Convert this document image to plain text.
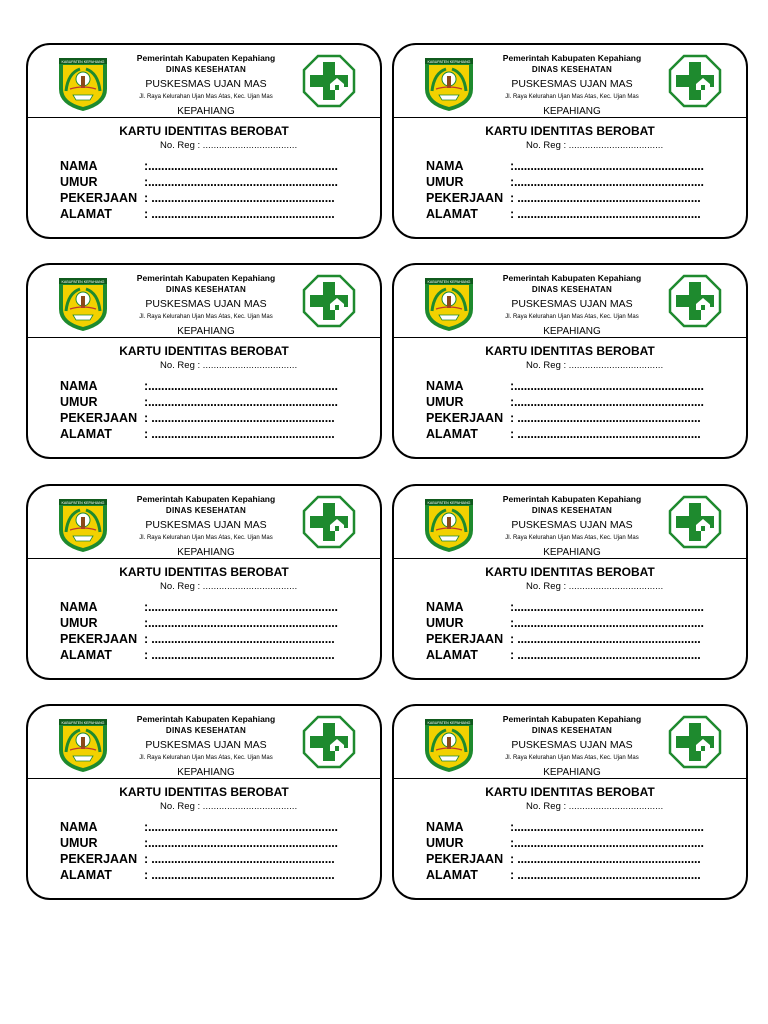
KABUPATEN KEPAHIANG	Pemerintah Kabupaten Kepahiang
DINAS KESEHATAN
PUSKESMAS UJAN MAS
Jl. Raya Kelurahan Ujan Mas Atas, Kec. Ujan Mas
KEPAHIANG
KARTU IDENTITAS BEROBAT
No. Reg : ...................................
NAMA	:..........................................................
UMUR	:..........................................................
PEKERJAAN : ........................................................
ALAMAT	: ........................................................
KABUPATEN KEPAHIANG	Pemerintah Kabupaten Kepahiang
DINAS KESEHATAN
PUSKESMAS UJAN MAS
Jl. Raya Kelurahan Ujan Mas Atas, Kec. Ujan Mas
KEPAHIANG
KARTU IDENTITAS BEROBAT
No. Reg : ...................................
NAMA	:..........................................................
UMUR	:..........................................................
PEKERJAAN : ........................................................
ALAMAT	: ........................................................
KABUPATEN KEPAHIANG	Pemerintah Kabupaten Kepahiang
DINAS KESEHATAN
PUSKESMAS UJAN MAS
Jl. Raya Kelurahan Ujan Mas Atas, Kec. Ujan Mas
KEPAHIANG
KARTU IDENTITAS BEROBAT
No. Reg : ...................................
NAMA	:..........................................................
UMUR	:..........................................................
PEKERJAAN : ........................................................
ALAMAT	: ........................................................
KABUPATEN KEPAHIANG	Pemerintah Kabupaten Kepahiang
DINAS KESEHATAN
PUSKESMAS UJAN MAS
Jl. Raya Kelurahan Ujan Mas Atas, Kec. Ujan Mas
KEPAHIANG
KARTU IDENTITAS BEROBAT
No. Reg : ...................................
NAMA	:..........................................................
UMUR	:..........................................................
PEKERJAAN : ........................................................
ALAMAT	: ........................................................
KABUPATEN KEPAHIANG	Pemerintah Kabupaten Kepahiang
DINAS KESEHATAN
PUSKESMAS UJAN MAS
Jl. Raya Kelurahan Ujan Mas Atas, Kec. Ujan Mas
KEPAHIANG
KARTU IDENTITAS BEROBAT
No. Reg : ...................................
NAMA	:..........................................................
UMUR	:..........................................................
PEKERJAAN : ........................................................
ALAMAT	: ........................................................
KABUPATEN KEPAHIANG	Pemerintah Kabupaten Kepahiang
DINAS KESEHATAN
PUSKESMAS UJAN MAS
Jl. Raya Kelurahan Ujan Mas Atas, Kec. Ujan Mas
KEPAHIANG
KARTU IDENTITAS BEROBAT
No. Reg : ...................................
NAMA	:..........................................................
UMUR	:..........................................................
PEKERJAAN : ........................................................
ALAMAT	: ........................................................
KABUPATEN KEPAHIANG	Pemerintah Kabupaten Kepahiang
DINAS KESEHATAN
PUSKESMAS UJAN MAS
Jl. Raya Kelurahan Ujan Mas Atas, Kec. Ujan Mas
KEPAHIANG
KARTU IDENTITAS BEROBAT
No. Reg : ...................................
NAMA	:..........................................................
UMUR	:..........................................................
PEKERJAAN : ........................................................
ALAMAT	: ........................................................
KABUPATEN KEPAHIANG	Pemerintah Kabupaten Kepahiang
DINAS KESEHATAN
PUSKESMAS UJAN MAS
Jl. Raya Kelurahan Ujan Mas Atas, Kec. Ujan Mas
KEPAHIANG
KARTU IDENTITAS BEROBAT
No. Reg : ...................................
NAMA	:..........................................................
UMUR	:..........................................................
PEKERJAAN : ........................................................
ALAMAT	: ........................................................
